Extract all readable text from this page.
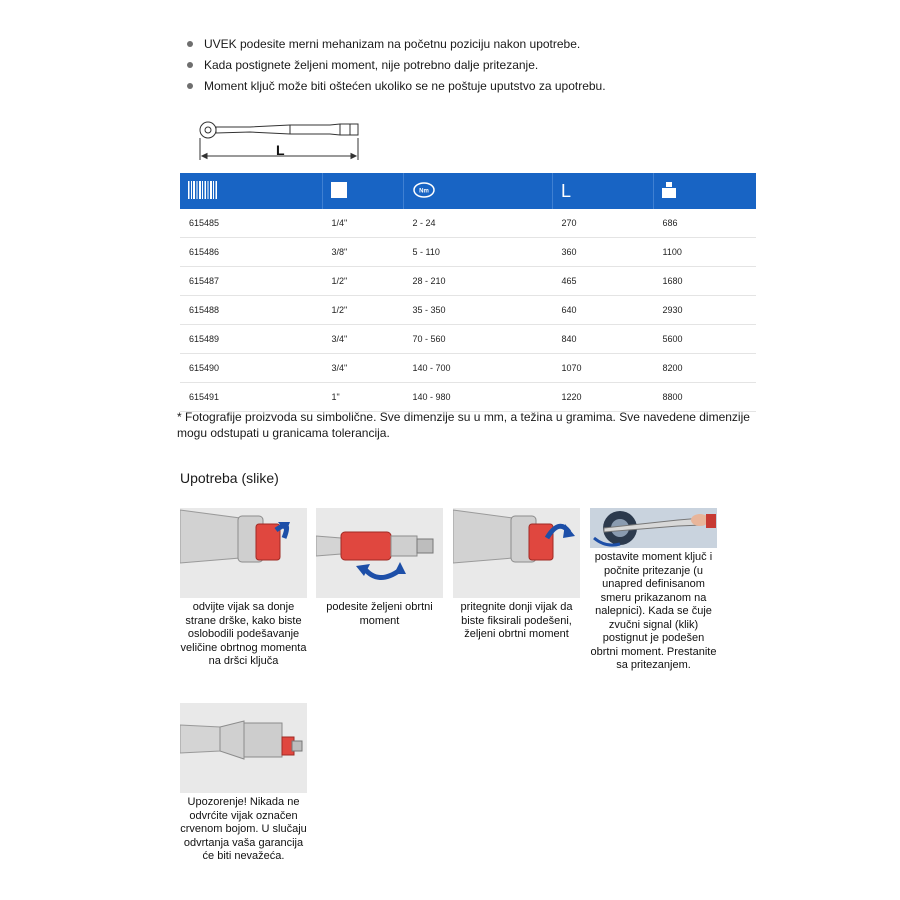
UVEK podesite merni mehanizam na početnu poziciju nakon upotrebe.
Kada postignete željeni moment, nije potrebno dalje pritezanje.
Moment ključ može biti oštećen ukoliko se ne poštuje uputstvo za upotrebu.
L

Nm	L	
615485	1/4"	2 - 24	270	686
615486	3/8"	5 - 110	360	1100
615487	1/2"	28 - 210	465	1680
615488	1/2"	35 - 350	640	2930
615489	3/4"	70 - 560	840	5600
615490	3/4"	140 - 700	1070	8200
615491	1"	140 - 980	1220	8800

* Fotografije proizvoda su simbolične. Sve dimenzije su u mm, a težina u gramima. Sve navedene dimenzije mogu odstupati u granicama tolerancija.

Upotreba (slike)
odvijte vijak sa donje strane drške, kako biste oslobodili podešavanje veličine obrtnog momenta na dršci ključa
podesite željeni obrtni moment
pritegnite donji vijak da biste fiksirali podešeni, željeni obrtni moment
postavite moment ključ i počnite pritezanje (u unapred definisanom smeru prikazanom na nalepnici). Kada se čuje zvučni signal (klik) postignut je podešen obrtni moment. Prestanite sa pritezanjem.
Upozorenje! Nikada ne odvrćite vijak označen crvenom bojom. U slučaju odvrtanja vaša garancija će biti nevažeća.
